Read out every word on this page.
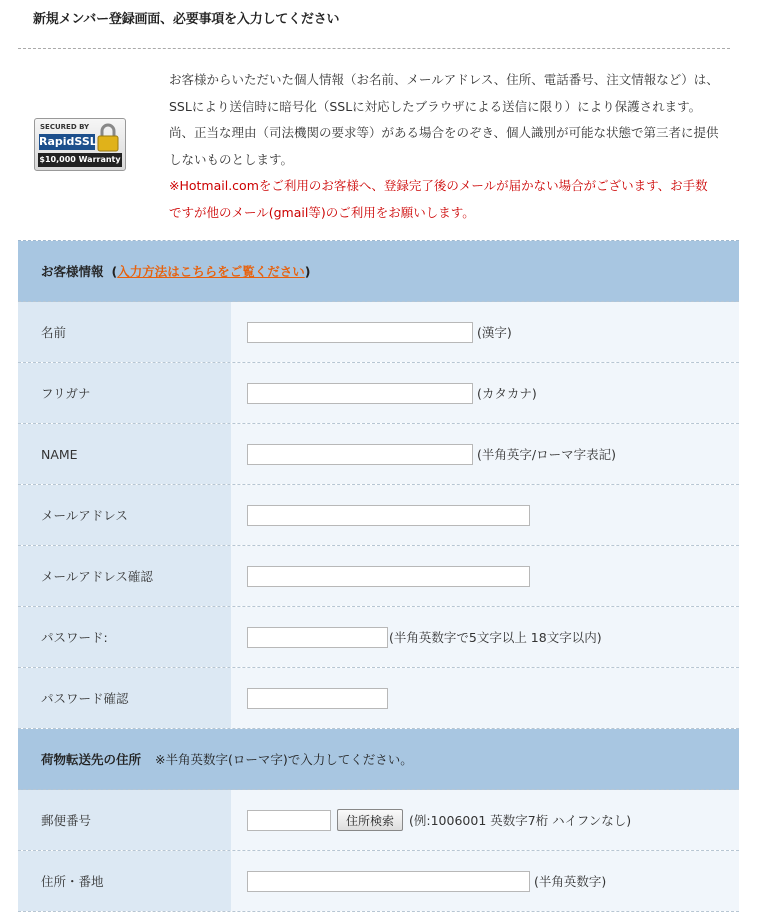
新規メンバー登録画面、必要事項を入力してください
SECURED BY
RapidSSL
$10,000 Warranty
お客様からいただいた個人情報（お名前、メールアドレス、住所、電話番号、注文情報など）は、SSLにより送信時に暗号化（SSLに対応したブラウザによる送信に限り）により保護されます。尚、正当な理由（司法機関の要求等）がある場合をのぞき、個人識別が可能な状態で第三者に提供しないものとします。
※Hotmail.comをご利用のお客様へ、登録完了後のメールが届かない場合がございます、お手数ですが他のメール(gmail等)のご利用をお願いします。
お客様情報 ( 入力方法はこちらをご覧ください )
名前	(漢字)
フリガナ	(カタカナ)
NAME	(半角英字/ローマ字表記)
メールアドレス
メールアドレス確認
パスワード:	(半角英数字で5文字以上 18文字以内)
パスワード確認
荷物転送先の住所 ※半角英数字(ローマ字)で入力してください。
郵便番号	住所検索	(例:1006001 英数字7桁 ハイフンなし)
住所・番地	(半角英数字)
